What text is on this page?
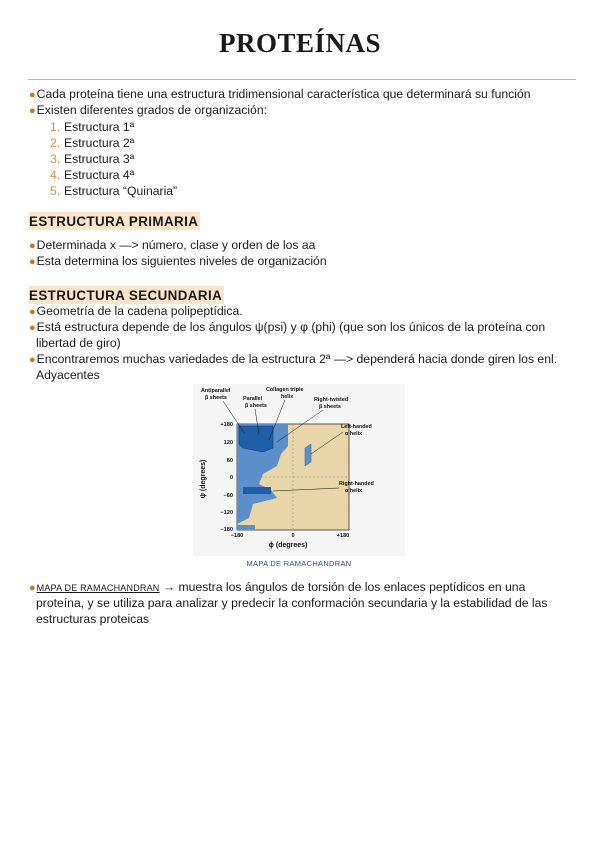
PROTEÍNAS
●Cada proteína tiene una estructura tridimensional característica que determinará su función
●Existen diferentes grados de organización:
1. Estructura 1ª
2. Estructura 2ª
3. Estructura 3ª
4. Estructura 4ª
5. Estructura “Quinaria”
ESTRUCTURA PRIMARIA
●Determinada x —> número, clase y orden de los aa
●Esta determina los siguientes niveles de organización
ESTRUCTURA SECUNDARIA
●Geometría de la cadena polipeptídica.
●Está estructura depende de los ángulos ψ(psi) y φ (phi) (que son los únicos de la proteína con
libertad de giro)
●Encontraremos muchas variedades de la estructura 2ª —> dependerá hacia donde giren los enl.
Adyacentes
Antiparallel
β sheets	Parallel
β sheets
Collagen triple
helix	Right-twisted
β sheets
Left-handed
α helix
Right-handed
α helix
+180
120
60
0
−60
−120
−180
−180	0	+180
ϕ (degrees)
ψ (degrees)
MAPA DE RAMACHANDRAN
●MAPA DE RAMACHANDRAN → muestra los ángulos de torsión de los enlaces peptídicos en una
proteína, y se utiliza para analizar y predecir la conformación secundaria y la estabilidad de las
estructuras proteicas
